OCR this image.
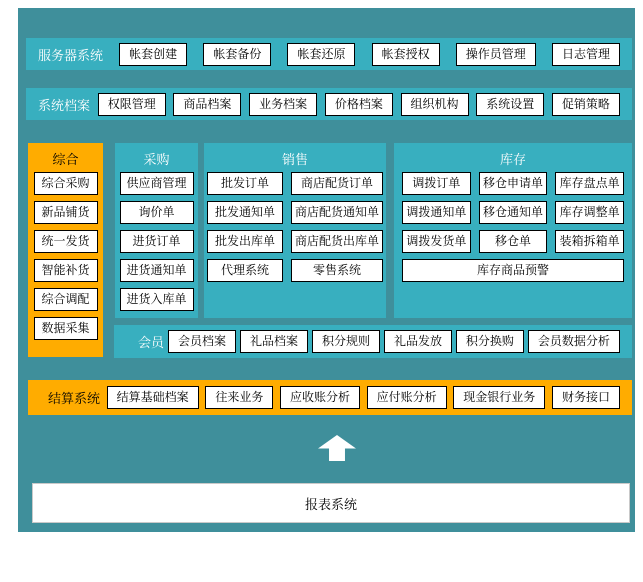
服务器系统	帐套创建	帐套备份	帐套还原	帐套授权	操作员管理	日志管理
系统档案	权限管理	商品档案	业务档案	价格档案	组织机构	系统设置	促销策略
综合
综合采购
新品铺货
统一发货
智能补货
综合调配
数据采集
采购
供应商管理
询价单
进货订单
进货通知单
进货入库单
销售
批发订单	商店配货订单
批发通知单	商店配货通知单
批发出库单	商店配货出库单
代理系统	零售系统
库存
调拨订单	移仓申请单	库存盘点单
调拨通知单	移仓通知单	库存调整单
调拨发货单	移仓单	装箱拆箱单
库存商品预警
会员	会员档案	礼品档案	积分规则	礼品发放	积分换购	会员数据分析
结算系统	结算基础档案	往来业务	应收账分析	应付账分析	现金银行业务	财务接口
报表系统
